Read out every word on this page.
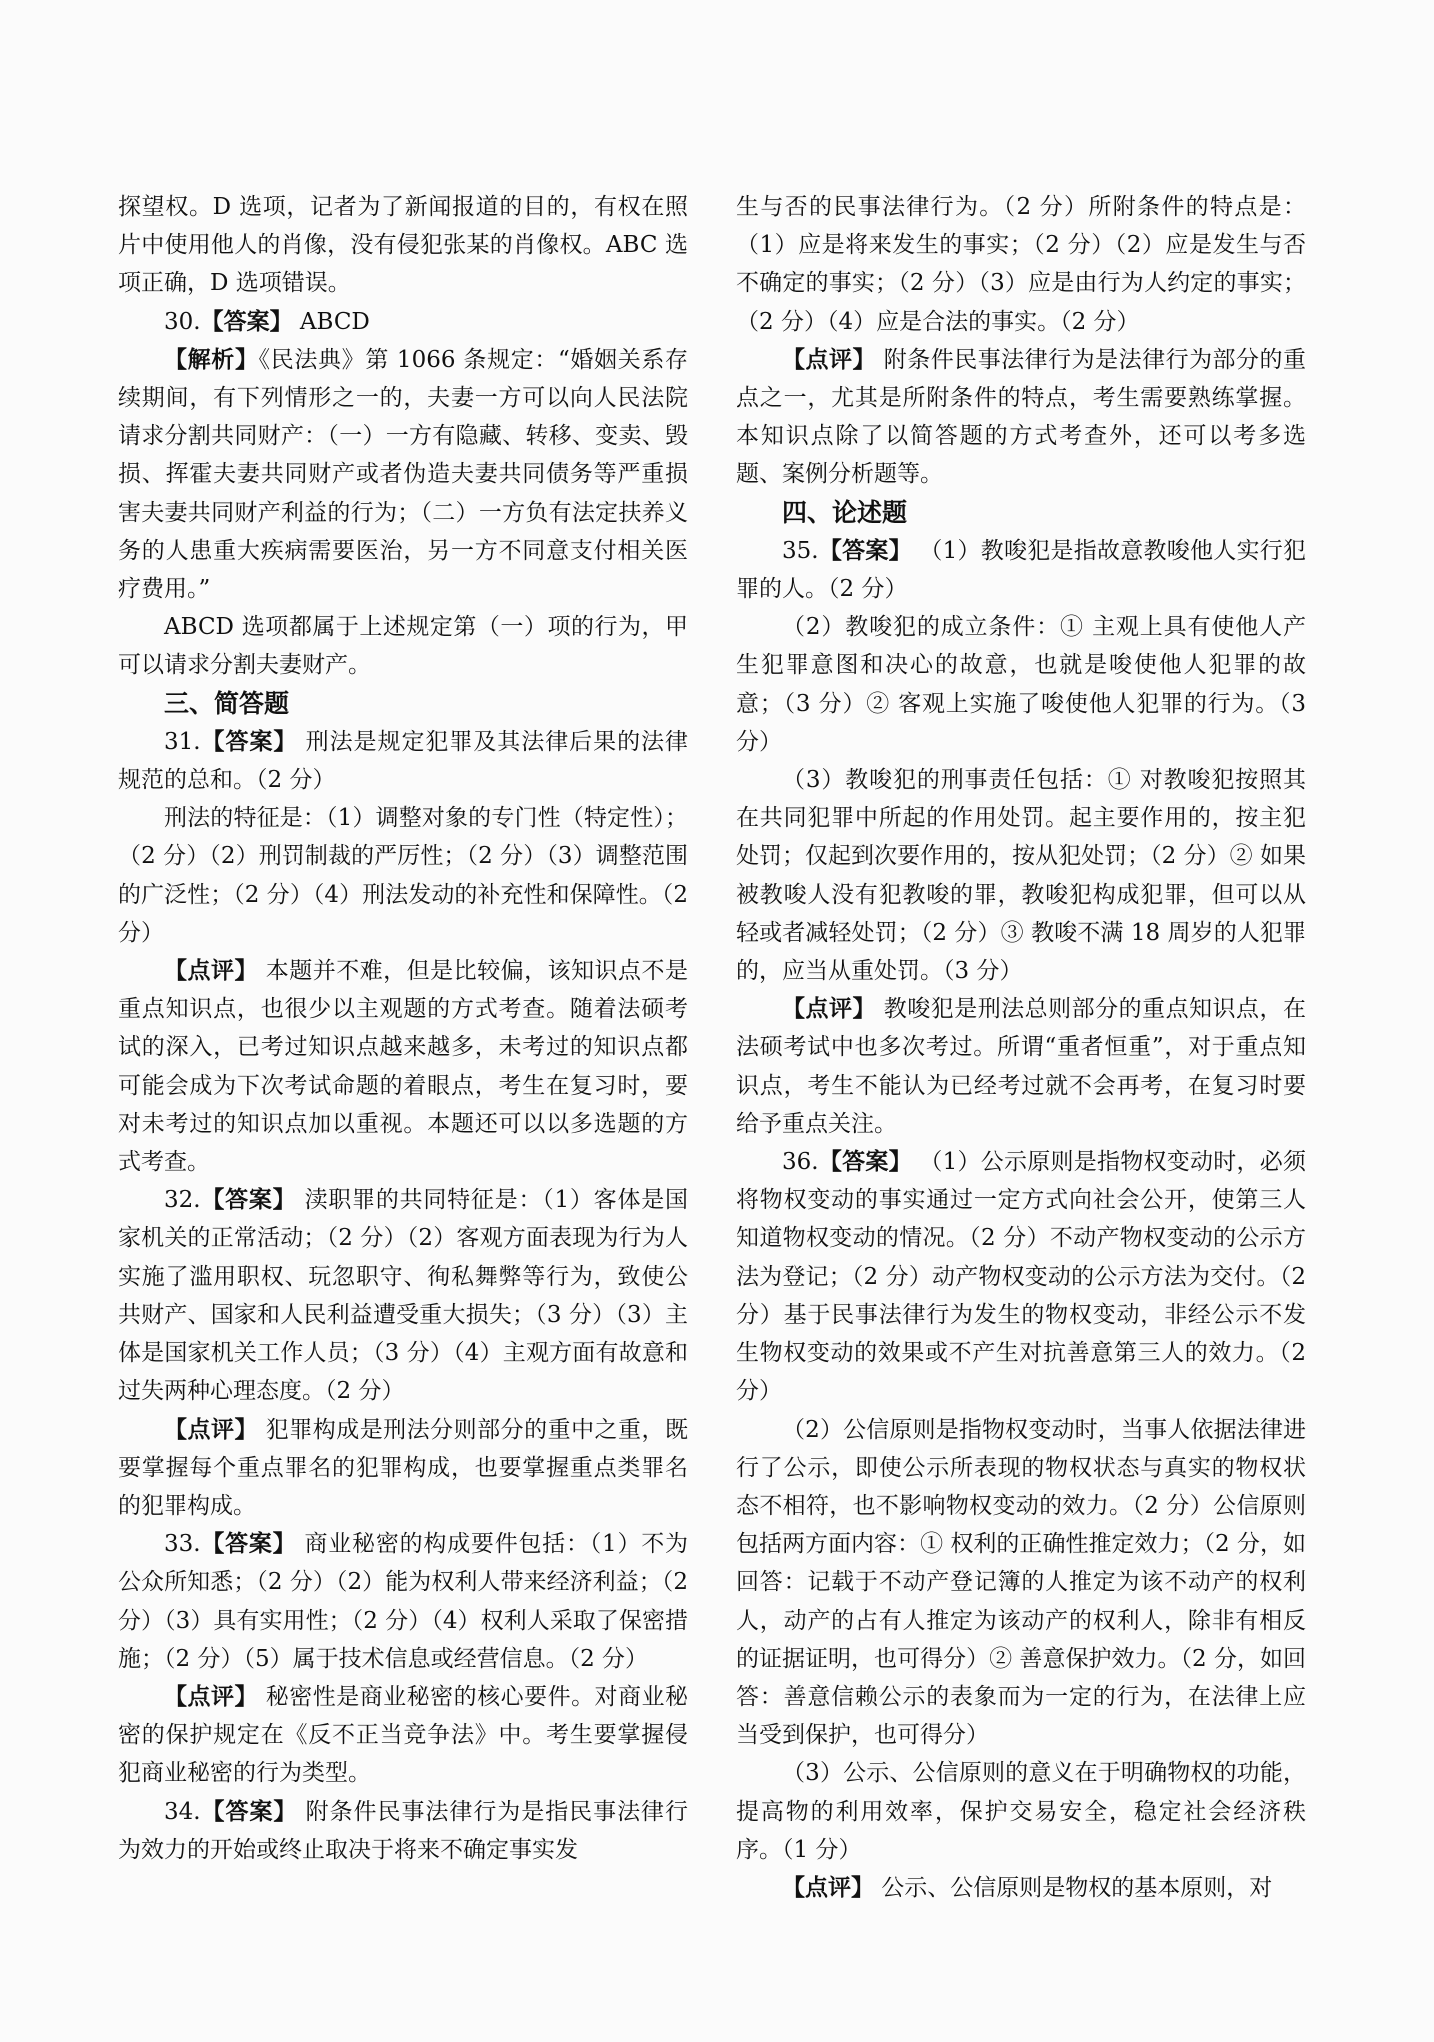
探望权。D 选项，记者为了新闻报道的目的，有权在照片中使用他人的肖像，没有侵犯张某的肖像权。ABC 选项正确，D 选项错误。

30.【答案】 ABCD

【解析】《民法典》第 1066 条规定：“婚姻关系存续期间，有下列情形之一的，夫妻一方可以向人民法院请求分割共同财产：（一）一方有隐藏、转移、变卖、毁损、挥霍夫妻共同财产或者伪造夫妻共同债务等严重损害夫妻共同财产利益的行为；（二）一方负有法定扶养义务的人患重大疾病需要医治，另一方不同意支付相关医疗费用。”

ABCD 选项都属于上述规定第（一）项的行为，甲可以请求分割夫妻财产。

三、简答题

31.【答案】 刑法是规定犯罪及其法律后果的法律规范的总和。（2 分）

刑法的特征是：（1）调整对象的专门性（特定性）；（2 分）（2）刑罚制裁的严厉性；（2 分）（3）调整范围的广泛性；（2 分）（4）刑法发动的补充性和保障性。（2 分）

【点评】 本题并不难，但是比较偏，该知识点不是重点知识点，也很少以主观题的方式考查。随着法硕考试的深入，已考过知识点越来越多，未考过的知识点都可能会成为下次考试命题的着眼点，考生在复习时，要对未考过的知识点加以重视。本题还可以以多选题的方式考查。

32.【答案】 渎职罪的共同特征是：（1）客体是国家机关的正常活动；（2 分）（2）客观方面表现为行为人实施了滥用职权、玩忽职守、徇私舞弊等行为，致使公共财产、国家和人民利益遭受重大损失；（3 分）（3）主体是国家机关工作人员；（3 分）（4）主观方面有故意和过失两种心理态度。（2 分）

【点评】 犯罪构成是刑法分则部分的重中之重，既要掌握每个重点罪名的犯罪构成，也要掌握重点类罪名的犯罪构成。

33.【答案】 商业秘密的构成要件包括：（1）不为公众所知悉；（2 分）（2）能为权利人带来经济利益；（2 分）（3）具有实用性；（2 分）（4）权利人采取了保密措施；（2 分）（5）属于技术信息或经营信息。（2 分）

【点评】 秘密性是商业秘密的核心要件。对商业秘密的保护规定在《反不正当竞争法》中。考生要掌握侵犯商业秘密的行为类型。

34.【答案】 附条件民事法律行为是指民事法律行为效力的开始或终止取决于将来不确定事实发

生与否的民事法律行为。（2 分）所附条件的特点是：（1）应是将来发生的事实；（2 分）（2）应是发生与否不确定的事实；（2 分）（3）应是由行为人约定的事实；（2 分）（4）应是合法的事实。（2 分）

【点评】 附条件民事法律行为是法律行为部分的重点之一，尤其是所附条件的特点，考生需要熟练掌握。本知识点除了以简答题的方式考查外，还可以考多选题、案例分析题等。

四、论述题

35.【答案】 （1）教唆犯是指故意教唆他人实行犯罪的人。（2 分）

（2）教唆犯的成立条件：① 主观上具有使他人产生犯罪意图和决心的故意，也就是唆使他人犯罪的故意；（3 分）② 客观上实施了唆使他人犯罪的行为。（3 分）

（3）教唆犯的刑事责任包括：① 对教唆犯按照其在共同犯罪中所起的作用处罚。起主要作用的，按主犯处罚；仅起到次要作用的，按从犯处罚；（2 分）② 如果被教唆人没有犯教唆的罪，教唆犯构成犯罪，但可以从轻或者减轻处罚；（2 分）③ 教唆不满 18 周岁的人犯罪的，应当从重处罚。（3 分）

【点评】 教唆犯是刑法总则部分的重点知识点，在法硕考试中也多次考过。所谓“重者恒重”，对于重点知识点，考生不能认为已经考过就不会再考，在复习时要给予重点关注。

36.【答案】 （1）公示原则是指物权变动时，必须将物权变动的事实通过一定方式向社会公开，使第三人知道物权变动的情况。（2 分）不动产物权变动的公示方法为登记；（2 分）动产物权变动的公示方法为交付。（2 分）基于民事法律行为发生的物权变动，非经公示不发生物权变动的效果或不产生对抗善意第三人的效力。（2 分）

（2）公信原则是指物权变动时，当事人依据法律进行了公示，即使公示所表现的物权状态与真实的物权状态不相符，也不影响物权变动的效力。（2 分）公信原则包括两方面内容：① 权利的正确性推定效力；（2 分，如回答：记载于不动产登记簿的人推定为该不动产的权利人，动产的占有人推定为该动产的权利人，除非有相反的证据证明，也可得分）② 善意保护效力。（2 分，如回答：善意信赖公示的表象而为一定的行为，在法律上应当受到保护，也可得分）

（3）公示、公信原则的意义在于明确物权的功能，提高物的利用效率，保护交易安全，稳定社会经济秩序。（1 分）

【点评】 公示、公信原则是物权的基本原则，对
